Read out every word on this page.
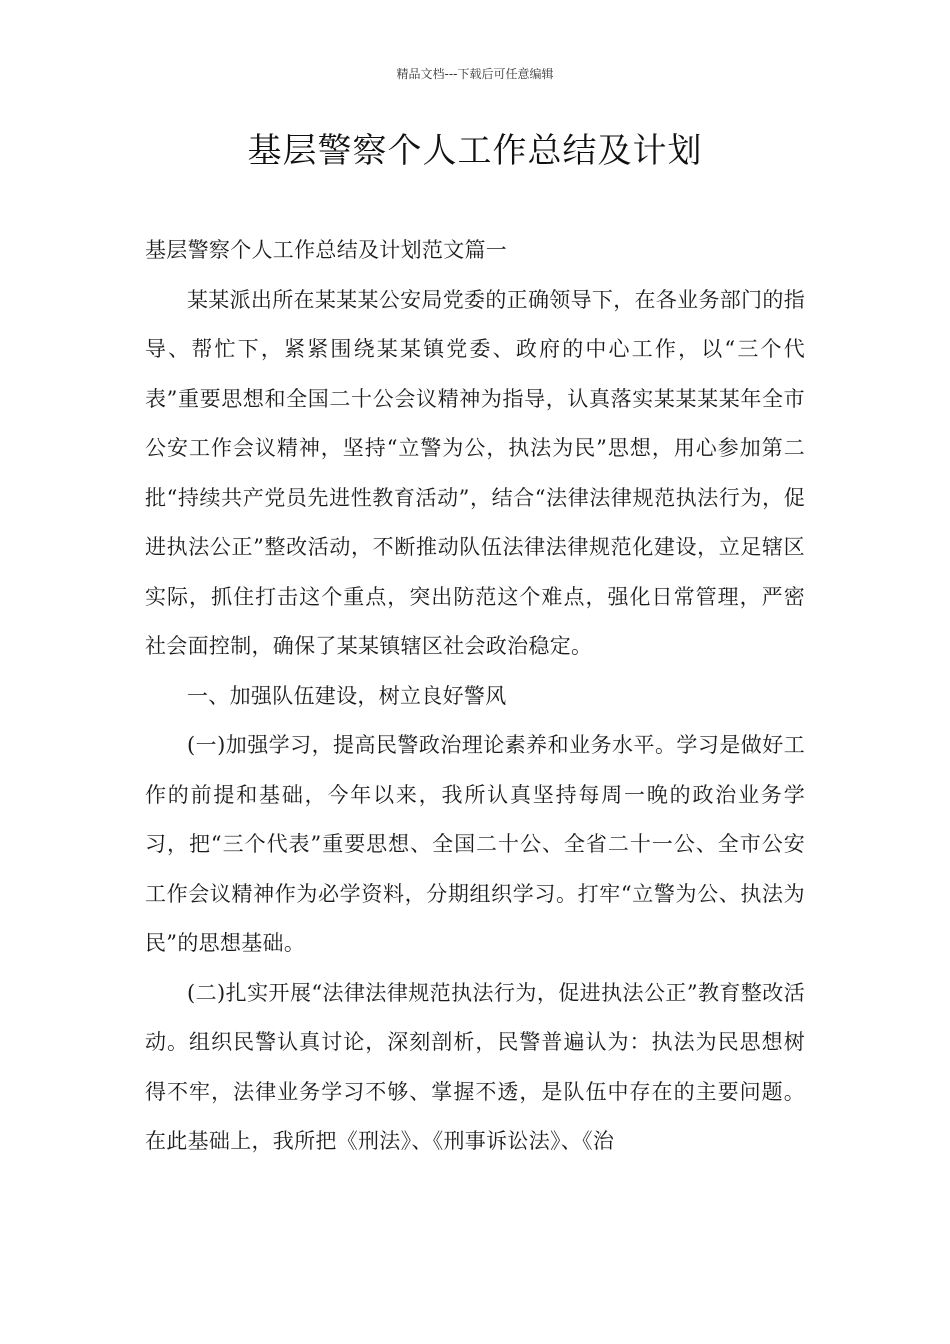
精品文档---下载后可任意编辑
基层警察个人工作总结及计划

基层警察个人工作总结及计划范文篇一

某某派出所在某某某公安局党委的正确领导下，在各业务部门的指导、帮忙下，紧紧围绕某某镇党委、政府的中心工作，以“三个代表”重要思想和全国二十公会议精神为指导，认真落实某某某某年全市公安工作会议精神，坚持“立警为公，执法为民”思想，用心参加第二批“持续共产党员先进性教育活动”，结合“法律法律规范执法行为，促进执法公正”整改活动，不断推动队伍法律法律规范化建设，立足辖区实际，抓住打击这个重点，突出防范这个难点，强化日常管理，严密社会面控制，确保了某某镇辖区社会政治稳定。

一、加强队伍建设，树立良好警风

(一)加强学习，提高民警政治理论素养和业务水平。学习是做好工作的前提和基础，今年以来，我所认真坚持每周一晚的政治业务学习，把“三个代表”重要思想、全国二十公、全省二十一公、全市公安工作会议精神作为必学资料，分期组织学习。打牢“立警为公、执法为民”的思想基础。

(二)扎实开展“法律法律规范执法行为，促进执法公正”教育整改活动。组织民警认真讨论，深刻剖析，民警普遍认为：执法为民思想树得不牢，法律业务学习不够、掌握不透，是队伍中存在的主要问题。在此基础上，我所把《刑法》、《刑事诉讼法》、《治
